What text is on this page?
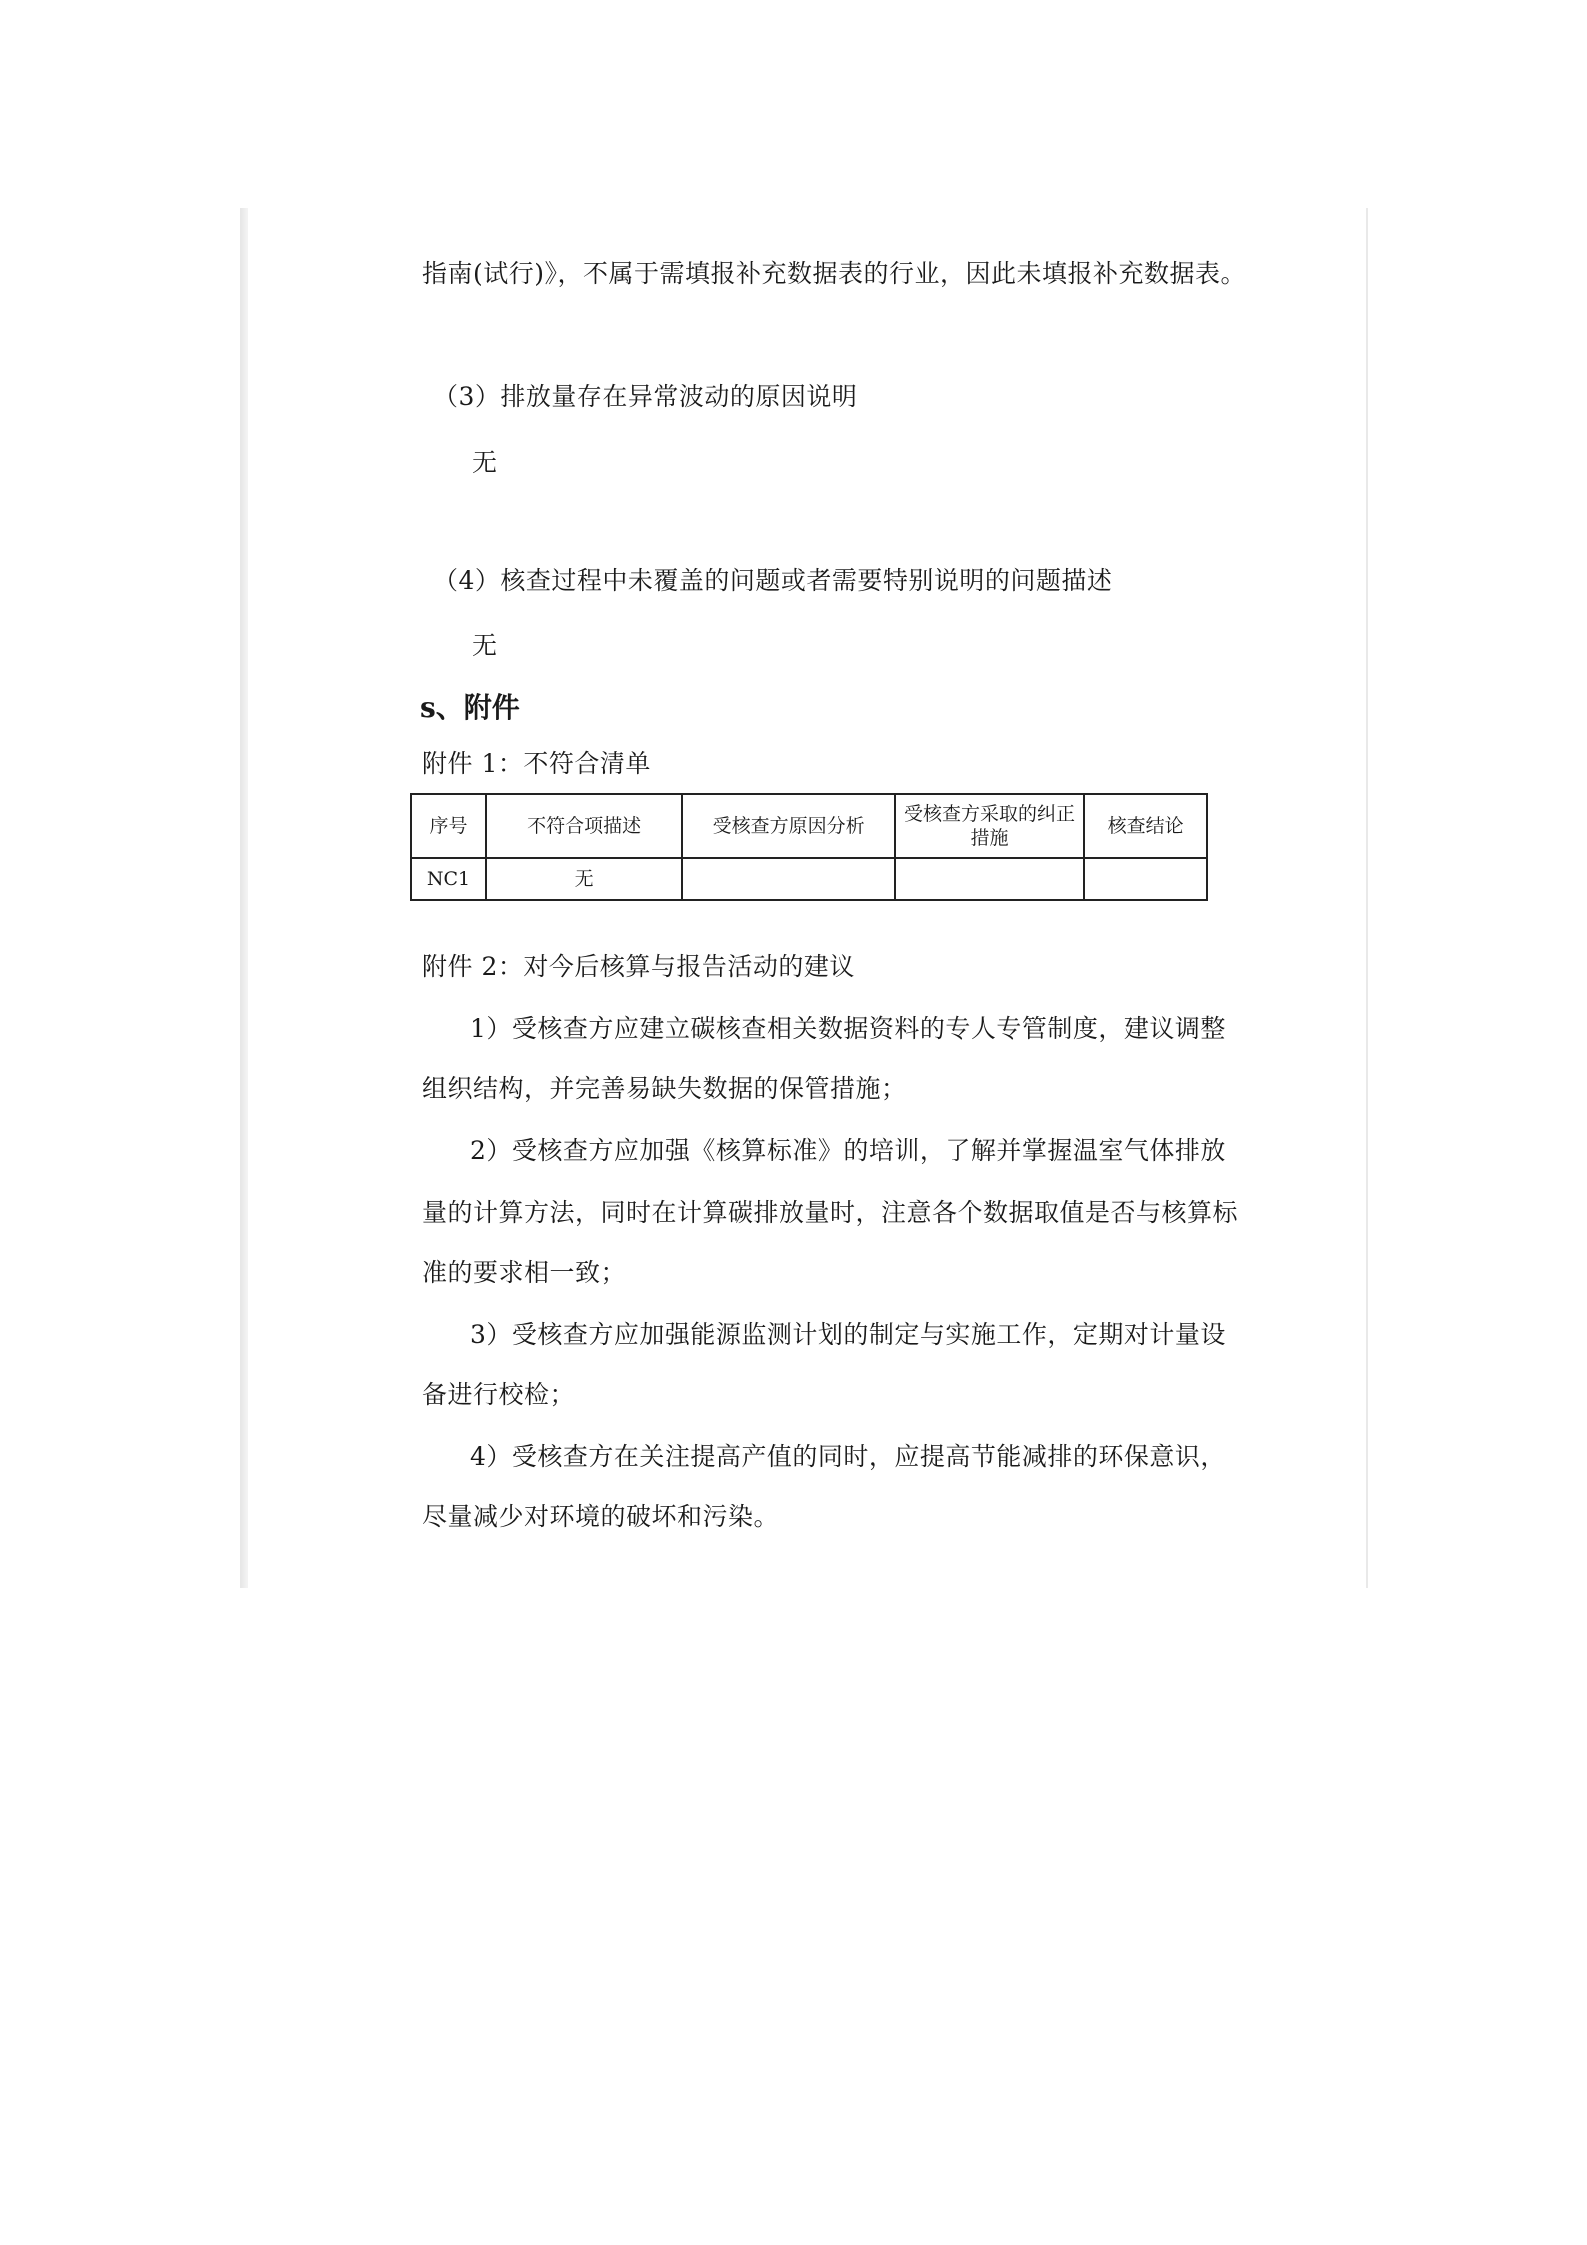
指南(试行)》，不属于需填报补充数据表的行业，因此未填报补充数据表。
（3）排放量存在异常波动的原因说明
无
（4）核查过程中未覆盖的问题或者需要特别说明的问题描述
无
s、附件
附件 1：不符合清单
序号	不符合项描述	受核查方原因分析	受核查方采取的纠正措施	核查结论
NC1	无			
附件 2：对今后核算与报告活动的建议
1）受核查方应建立碳核查相关数据资料的专人专管制度，建议调整
组织结构，并完善易缺失数据的保管措施；
2）受核查方应加强《核算标准》的培训，了解并掌握温室气体排放
量的计算方法，同时在计算碳排放量时，注意各个数据取值是否与核算标
准的要求相一致；
3）受核查方应加强能源监测计划的制定与实施工作，定期对计量设
备进行校检；
4）受核查方在关注提高产值的同时，应提高节能减排的环保意识，
尽量减少对环境的破坏和污染。
